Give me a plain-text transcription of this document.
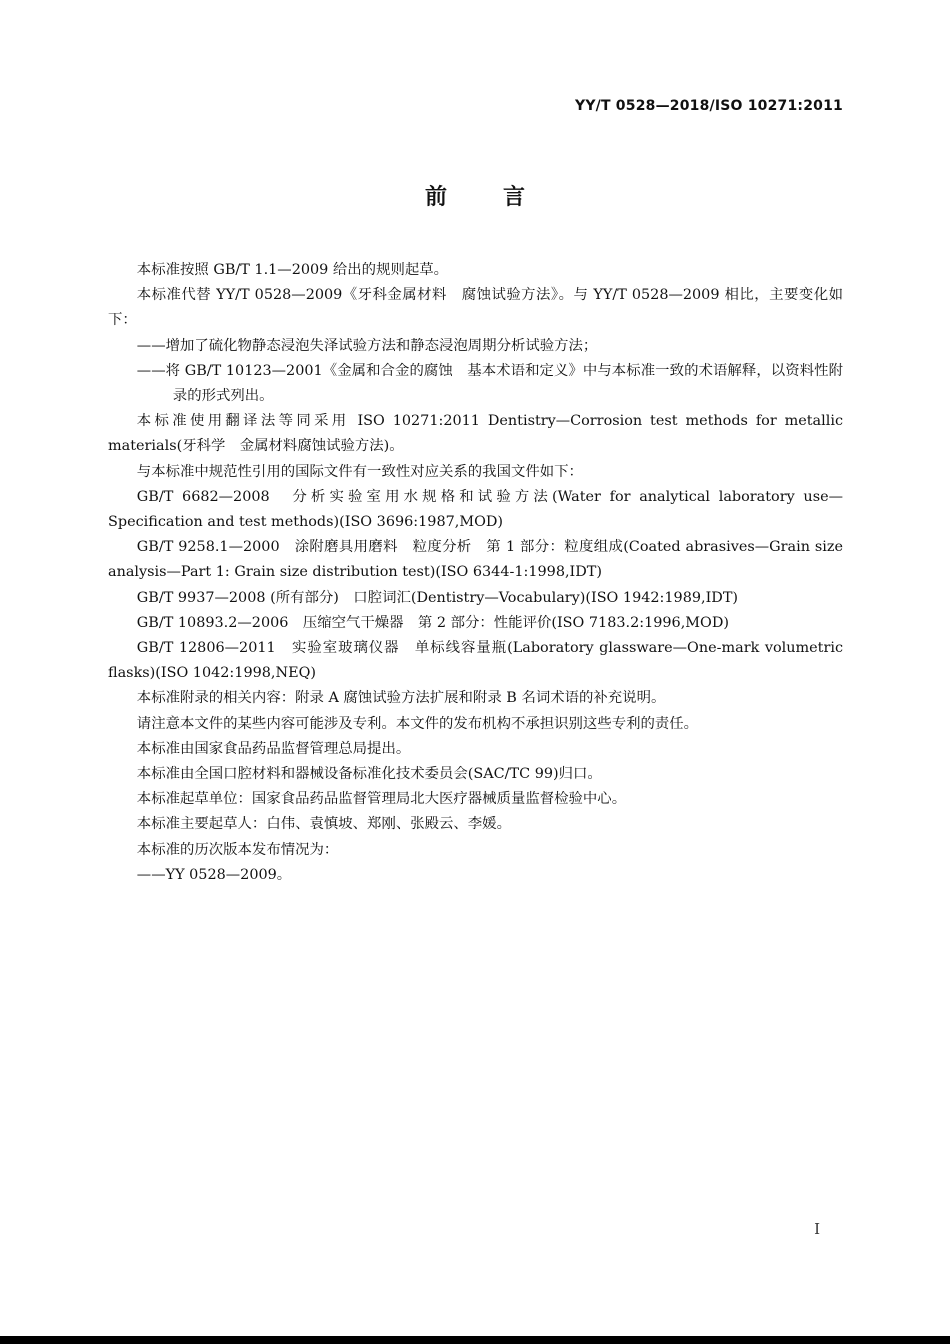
YY/T 0528—2018/ISO 10271:2011
前言

本标准按照 GB/T 1.1—2009 给出的规则起草。

本标准代替 YY/T 0528—2009《牙科金属材料　腐蚀试验方法》。与 YY/T 0528—2009 相比，主要变化如下：

——增加了硫化物静态浸泡失泽试验方法和静态浸泡周期分析试验方法；

——将 GB/T 10123—2001《金属和合金的腐蚀　基本术语和定义》中与本标准一致的术语解释，以资料性附录的形式列出。

本标准使用翻译法等同采用 ISO 10271:2011 Dentistry—Corrosion test methods for metallic materials(牙科学　金属材料腐蚀试验方法)。

与本标准中规范性引用的国际文件有一致性对应关系的我国文件如下：

GB/T 6682—2008　分析实验室用水规格和试验方法(Water for analytical laboratory use—Specification and test methods)(ISO 3696:1987,MOD)

GB/T 9258.1—2000　涂附磨具用磨料　粒度分析　第 1 部分：粒度组成(Coated abrasives—Grain size analysis—Part 1: Grain size distribution test)(ISO 6344-1:1998,IDT)

GB/T 9937—2008 (所有部分)　口腔词汇(Dentistry—Vocabulary)(ISO 1942:1989,IDT)

GB/T 10893.2—2006　压缩空气干燥器　第 2 部分：性能评价(ISO 7183.2:1996,MOD)

GB/T 12806—2011　实验室玻璃仪器　单标线容量瓶(Laboratory glassware—One-mark volumetric flasks)(ISO 1042:1998,NEQ)

本标准附录的相关内容：附录 A 腐蚀试验方法扩展和附录 B 名词术语的补充说明。

请注意本文件的某些内容可能涉及专利。本文件的发布机构不承担识别这些专利的责任。

本标准由国家食品药品监督管理总局提出。

本标准由全国口腔材料和器械设备标准化技术委员会(SAC/TC 99)归口。

本标准起草单位：国家食品药品监督管理局北大医疗器械质量监督检验中心。

本标准主要起草人：白伟、袁慎坡、郑刚、张殿云、李媛。

本标准的历次版本发布情况为：

——YY 0528—2009。

I
